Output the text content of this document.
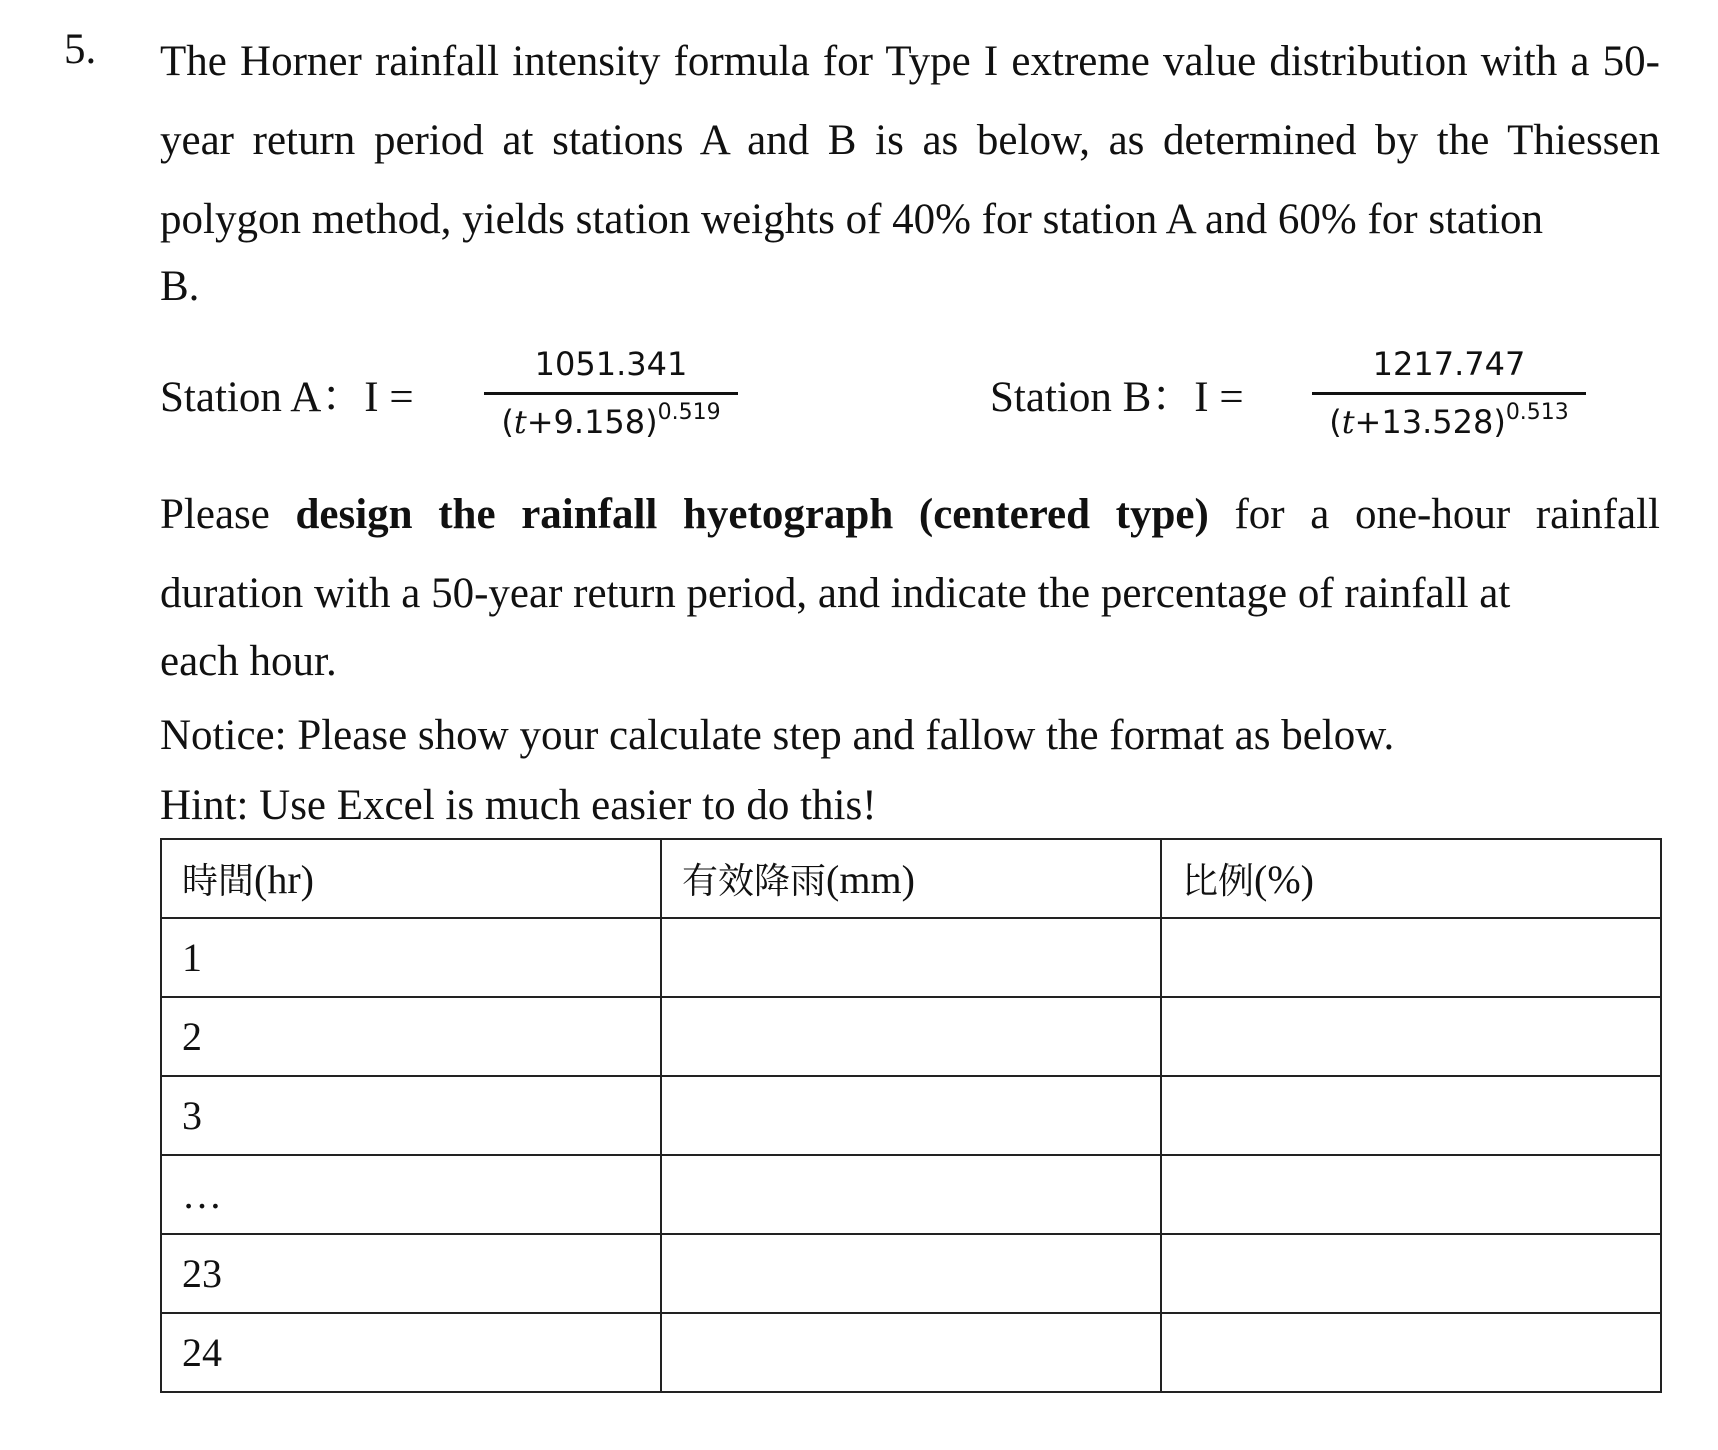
5. The Horner rainfall intensity formula for Type I extreme value distribution with a 50-year return period at stations A and B is as below, as determined by the Thiessen polygon method, yields station weights of 40% for station A and 60% for station
B.
Station A：I =
1051.341
$(t+9.158)^{0.519}$	Station B：I =
1217.747
$(t+13.528)^{0.513}$
Please design the rainfall hyetograph (centered type) for a one-hour rainfall duration with a 50-year return period, and indicate the percentage of rainfall at
each hour.
Notice: Please show your calculate step and fallow the format as below.
Hint: Use Excel is much easier to do this!
時間(hr)	有效降雨(mm)	比例(%)
1		
2		
3		
…		
23		
24		
